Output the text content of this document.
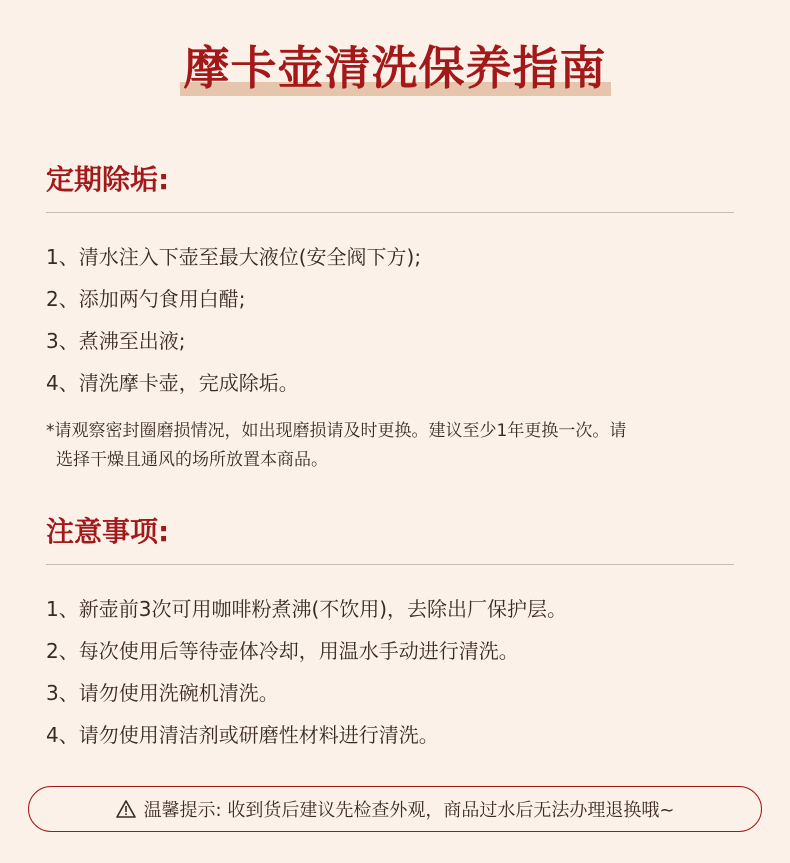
摩卡壶清洗保养指南
定期除垢:
1、清水注入下壶至最大液位(安全阀下方);
2、添加两勺食用白醋;
3、煮沸至出液;
4、清洗摩卡壶，完成除垢。
*请观察密封圈磨损情况，如出现磨损请及时更换。建议至少1年更换一次。请
选择干燥且通风的场所放置本商品。
注意事项:
1、新壶前3次可用咖啡粉煮沸(不饮用)，去除出厂保护层。
2、每次使用后等待壶体冷却，用温水手动进行清洗。
3、请勿使用洗碗机清洗。
4、请勿使用清洁剂或研磨性材料进行清洗。
温馨提示: 收到货后建议先检查外观，商品过水后无法办理退换哦~
